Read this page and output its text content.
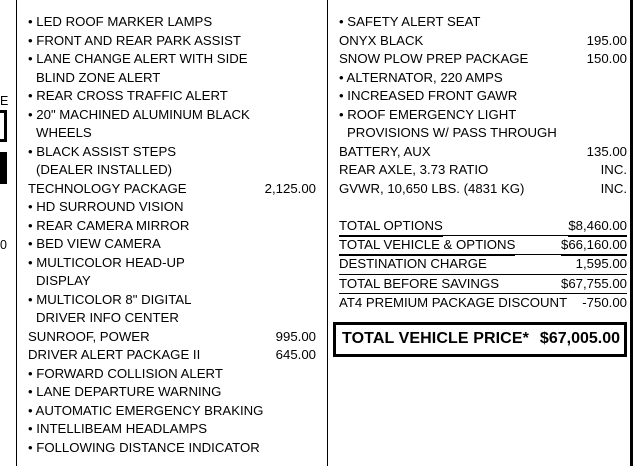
E
0
• LED ROOF MARKER LAMPS
• FRONT AND REAR PARK ASSIST
• LANE CHANGE ALERT WITH SIDE
BLIND ZONE ALERT
• REAR CROSS TRAFFIC ALERT
• 20" MACHINED ALUMINUM BLACK
WHEELS
• BLACK ASSIST STEPS
(DEALER INSTALLED)
TECHNOLOGY PACKAGE	2,125.00
• HD SURROUND VISION
• REAR CAMERA MIRROR
• BED VIEW CAMERA
• MULTICOLOR HEAD-UP
DISPLAY
• MULTICOLOR 8" DIGITAL
DRIVER INFO CENTER
SUNROOF, POWER	995.00
DRIVER ALERT PACKAGE II	645.00
• FORWARD COLLISION ALERT
• LANE DEPARTURE WARNING
• AUTOMATIC EMERGENCY BRAKING
• INTELLIBEAM HEADLAMPS
• FOLLOWING DISTANCE INDICATOR
• SAFETY ALERT SEAT
ONYX BLACK	195.00
SNOW PLOW PREP PACKAGE	150.00
• ALTERNATOR, 220 AMPS
• INCREASED FRONT GAWR
• ROOF EMERGENCY LIGHT
PROVISIONS W/ PASS THROUGH
BATTERY, AUX	135.00
REAR AXLE, 3.73 RATIO	INC.
GVWR, 10,650 LBS. (4831 KG)	INC.
TOTAL OPTIONS	$8,460.00
TOTAL VEHICLE & OPTIONS	$66,160.00
DESTINATION CHARGE	1,595.00
TOTAL BEFORE SAVINGS	$67,755.00
AT4 PREMIUM PACKAGE DISCOUNT -750.00
TOTAL VEHICLE PRICE* $67,005.00
